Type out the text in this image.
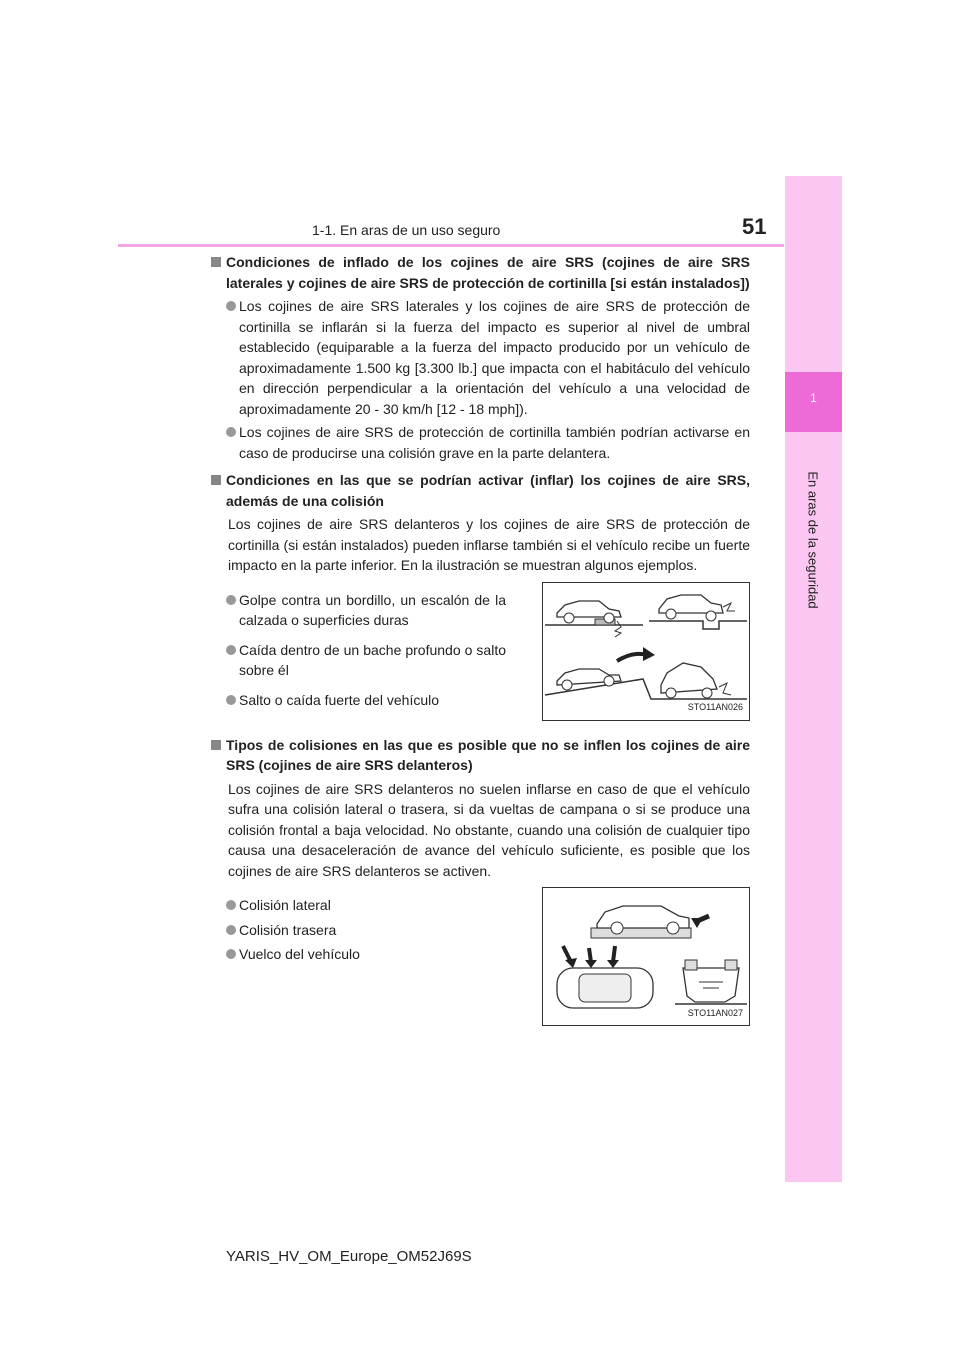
1-1. En aras de un uso seguro	51
1
En aras de la seguridad
Condiciones de inflado de los cojines de aire SRS (cojines de aire SRS laterales y cojines de aire SRS de protección de cortinilla [si están instalados])
Los cojines de aire SRS laterales y los cojines de aire SRS de protección de cortinilla se inflarán si la fuerza del impacto es superior al nivel de umbral establecido (equiparable a la fuerza del impacto producido por un vehículo de aproximadamente 1.500 kg [3.300 lb.] que impacta con el habitáculo del vehículo en dirección perpendicular a la orientación del vehículo a una velocidad de aproximadamente 20 - 30 km/h [12 - 18 mph]).
Los cojines de aire SRS de protección de cortinilla también podrían activarse en caso de producirse una colisión grave en la parte delantera.
Condiciones en las que se podrían activar (inflar) los cojines de aire SRS, además de una colisión
Los cojines de aire SRS delanteros y los cojines de aire SRS de protección de cortinilla (si están instalados) pueden inflarse también si el vehículo recibe un fuerte impacto en la parte inferior. En la ilustración se muestran algunos ejemplos.
Golpe contra un bordillo, un escalón de la calzada o superficies duras
Caída dentro de un bache profundo o salto sobre él
Salto o caída fuerte del vehículo	STO11AN026
Tipos de colisiones en las que es posible que no se inflen los cojines de aire SRS (cojines de aire SRS delanteros)
Los cojines de aire SRS delanteros no suelen inflarse en caso de que el vehículo sufra una colisión lateral o trasera, si da vueltas de campana o si se produce una colisión frontal a baja velocidad. No obstante, cuando una colisión de cualquier tipo causa una desaceleración de avance del vehículo suficiente, es posible que los cojines de aire SRS delanteros se activen.
Colisión lateral
Colisión trasera
Vuelco del vehículo
STO11AN027
YARIS_HV_OM_Europe_OM52J69S
